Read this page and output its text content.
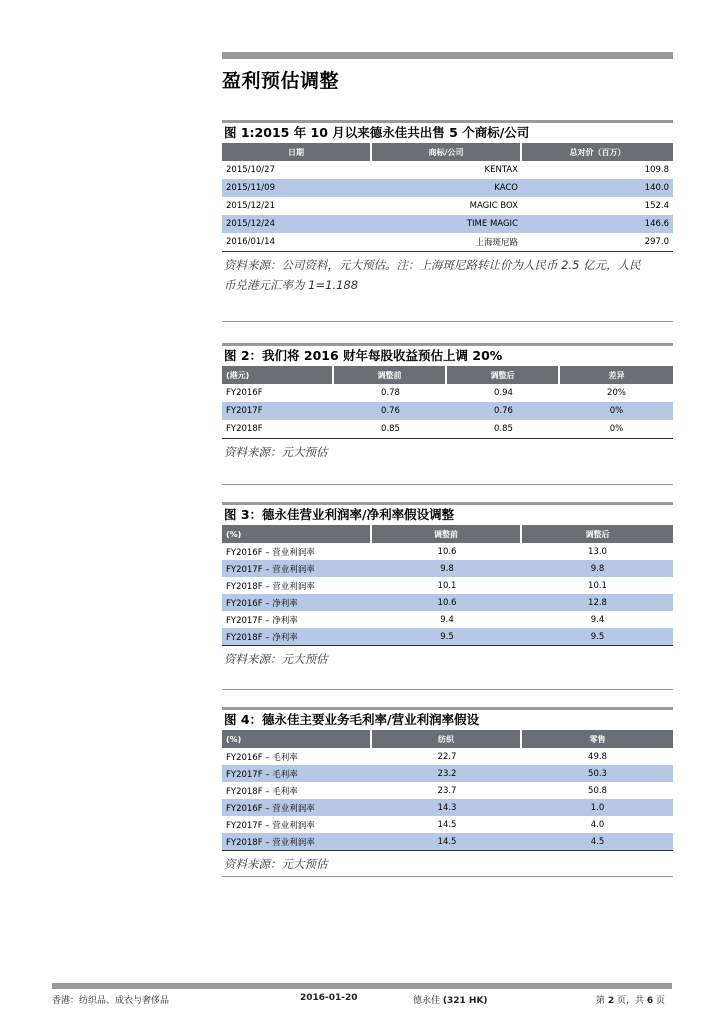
盈利预估调整
图 1:2015 年 10 月以来德永佳共出售 5 个商标/公司
日期	商标/公司	总对价（百万）
2015/10/27	KENTAX	109.8
2015/11/09	KACO	140.0
2015/12/21	MAGIC BOX	152.4
2015/12/24	TIME MAGIC	146.6
2016/01/14	上海斑尼路	297.0
资料来源：公司资料，元大预估。注：上海斑尼路转让价为人民币 2.5 亿元，人民
币兑港元汇率为 1=1.188
图 2：我们将 2016 财年每股收益预估上调 20%
(港元)	调整前	调整后	差异
FY2016F	0.78	0.94	20%
FY2017F	0.76	0.76	0%
FY2018F	0.85	0.85	0%
资料来源：元大预估
图 3：德永佳营业利润率/净利率假设调整
(%)	调整前	调整后
FY2016F – 营业利润率	10.6	13.0
FY2017F – 营业利润率	9.8	9.8
FY2018F – 营业利润率	10.1	10.1
FY2016F – 净利率	10.6	12.8
FY2017F – 净利率	9.4	9.4
FY2018F – 净利率	9.5	9.5
资料来源：元大预估
图 4：德永佳主要业务毛利率/营业利润率假设
(%)	纺织	零售
FY2016F – 毛利率	22.7	49.8
FY2017F – 毛利率	23.2	50.3
FY2018F – 毛利率	23.7	50.8
FY2016F – 营业利润率	14.3	1.0
FY2017F – 营业利润率	14.5	4.0
FY2018F – 营业利润率	14.5	4.5
资料来源：元大预估
香港：纺织品、成衣与奢侈品	2016-01-20	德永佳 (321 HK)	第 2 页，共 6 页
